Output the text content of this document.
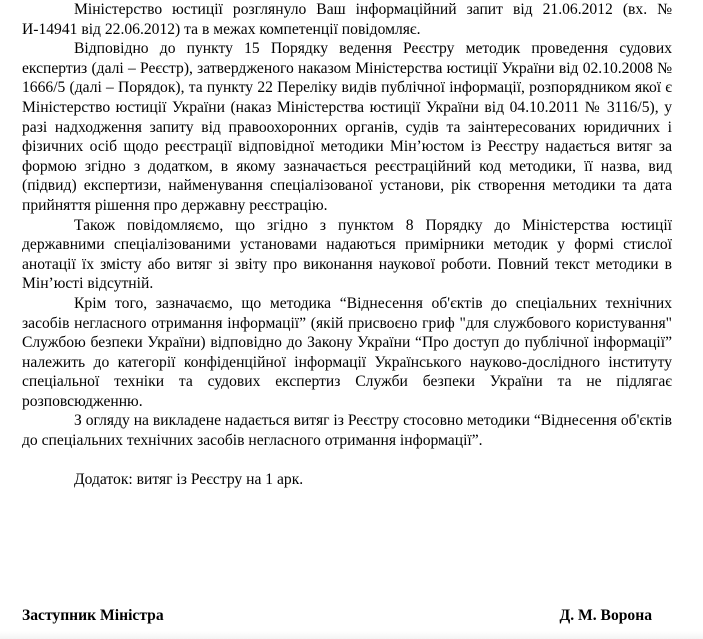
Міністерство юстиції розглянуло Ваш інформаційний запит від 21.06.2012 (вх. № И-14941 від 22.06.2012) та в межах компетенції повідомляє.

Відповідно до пункту 15 Порядку ведення Реєстру методик проведення судових експертиз (далі – Реєстр), затвердженого наказом Міністерства юстиції України від 02.10.2008 № 1666/5 (далі – Порядок), та пункту 22 Переліку видів публічної інформації, розпорядником якої є Міністерство юстиції України (наказ Міністерства юстиції України від 04.10.2011 № 3116/5), у разі надходження запиту від правоохоронних органів, судів та заінтересованих юридичних і фізичних осіб щодо реєстрації відповідної методики Мін’юстом із Реєстру надається витяг за формою згідно з додатком, в якому зазначається реєстраційний код методики, її назва, вид (підвид) експертизи, найменування спеціалізованої установи, рік створення методики та дата прийняття рішення про державну реєстрацію.

Також повідомляємо, що згідно з пунктом 8 Порядку до Міністерства юстиції державними спеціалізованими установами надаються примірники методик у формі стислої анотації їх змісту або витяг зі звіту про виконання наукової роботи. Повний текст методики в Мін’юсті відсутній.

Крім того, зазначаємо, що методика “Віднесення об'єктів до спеціальних технічних засобів негласного отримання інформації” (якій присвоєно гриф "для службового користування" Службою безпеки України) відповідно до Закону України “Про доступ до публічної інформації” належить до категорії конфіденційної інформації Українського науково-дослідного інституту спеціальної техніки та судових експертиз Служби безпеки України та не підлягає розповсюдженню.

З огляду на викладене надається витяг із Реєстру стосовно методики “Віднесення об'єктів до спеціальних технічних засобів негласного отримання інформації”.

Додаток: витяг із Реєстру на 1 арк.

Заступник Міністра	Д. М. Ворона
